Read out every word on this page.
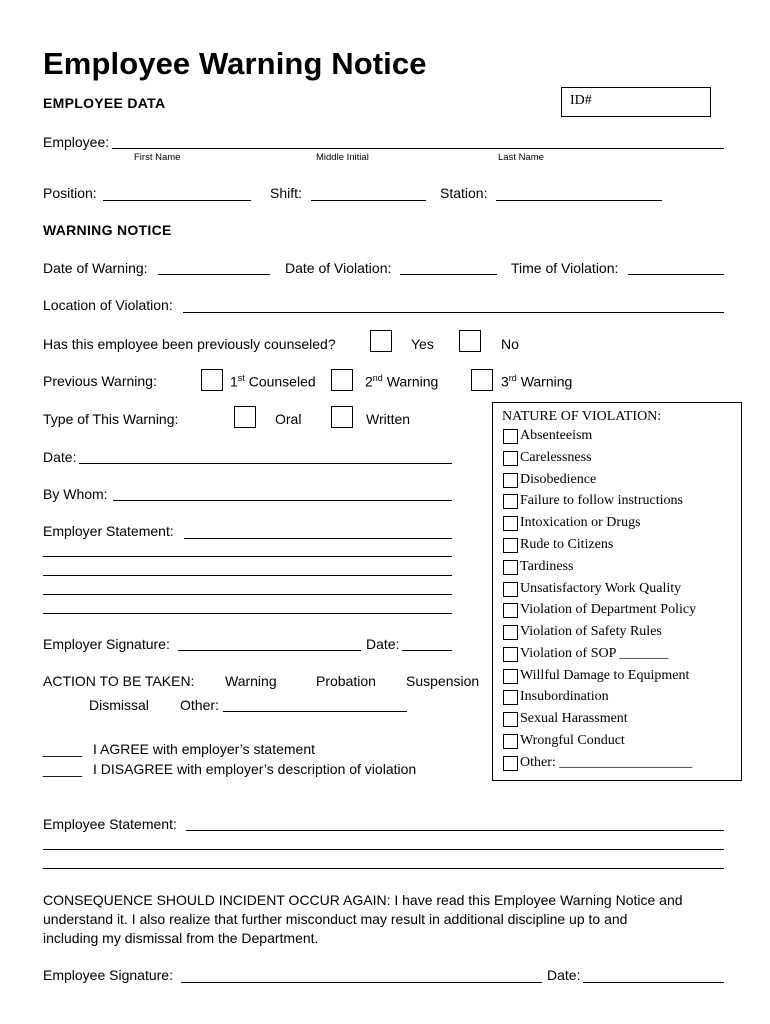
Employee Warning Notice
EMPLOYEE DATA	ID#
Employee:
First Name	Middle Initial	Last Name
Position:	Shift:	Station:
WARNING NOTICE
Date of Warning:	Date of Violation:	Time of Violation:
Location of Violation:
Has this employee been previously counseled?	Yes	No
Previous Warning:	1st Counseled	2nd Warning	3rd Warning
Type of This Warning:	Oral	Written
Date:
By Whom:
Employer Statement:
Employer Signature:	Date:
ACTION TO BE TAKEN: Warning	Probation Suspension
Dismissal Other:
_____ I AGREE with employer’s statement
_____ I DISAGREE with employer’s description of violation
NATURE OF VIOLATION:
Absenteeism
Carelessness
Disobedience
Failure to follow instructions
Intoxication or Drugs
Rude to Citizens
Tardiness
Unsatisfactory Work Quality
Violation of Department Policy
Violation of Safety Rules
Violation of SOP _______
Willful Damage to Equipment
Insubordination
Sexual Harassment
Wrongful Conduct
Other: ___________________
Employee Statement:
CONSEQUENCE SHOULD INCIDENT OCCUR AGAIN: I have read this Employee Warning Notice and
understand it. I also realize that further misconduct may result in additional discipline up to and
including my dismissal from the Department.
Employee Signature:	Date:
